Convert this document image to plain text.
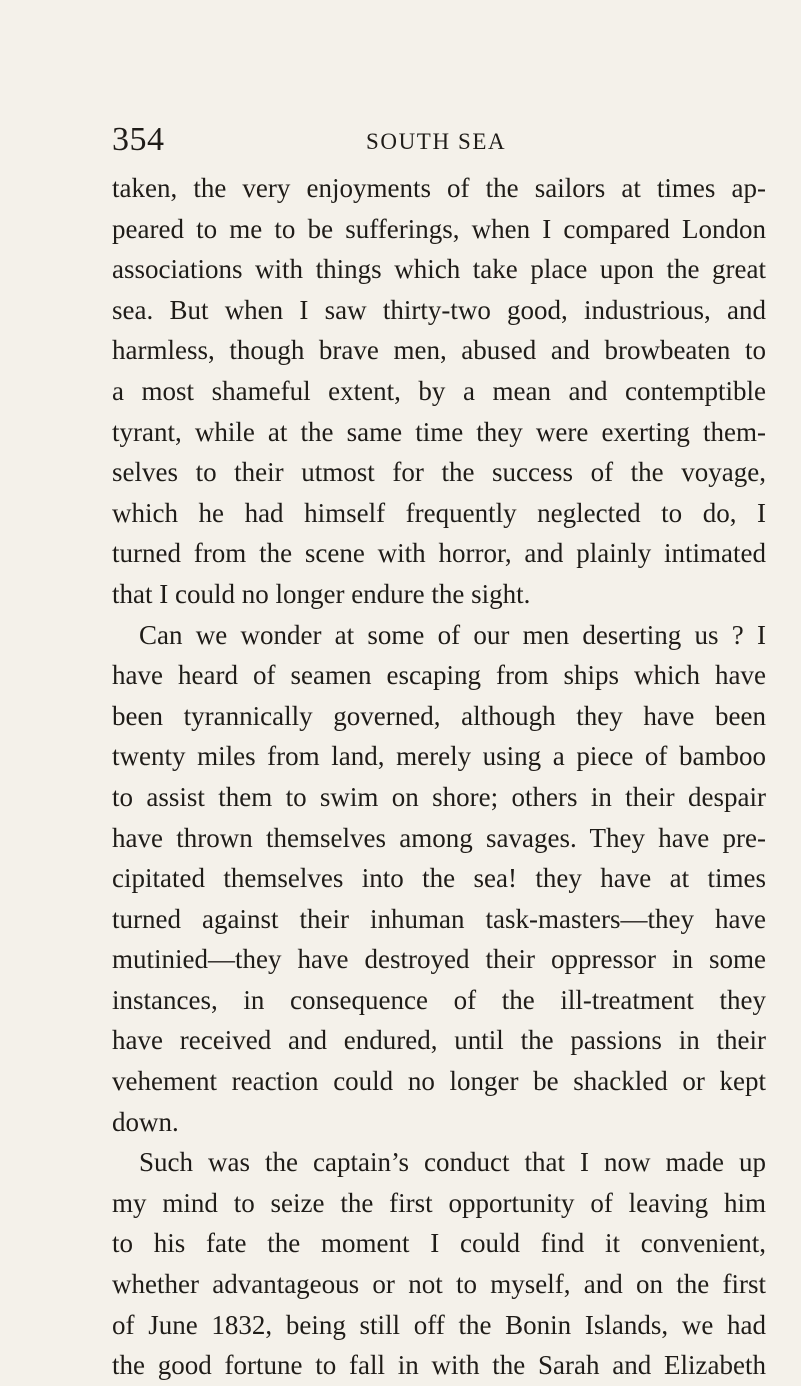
354	SOUTH SEA
taken, the very enjoyments of the sailors at times ap-
peared to me to be sufferings, when I compared London
associations with things which take place upon the great
sea. But when I saw thirty-two good, industrious, and
harmless, though brave men, abused and browbeaten to
a most shameful extent, by a mean and contemptible
tyrant, while at the same time they were exerting them-
selves to their utmost for the success of the voyage,
which he had himself frequently neglected to do, I
turned from the scene with horror, and plainly intimated
that I could no longer endure the sight.
Can we wonder at some of our men deserting us ? I
have heard of seamen escaping from ships which have
been tyrannically governed, although they have been
twenty miles from land, merely using a piece of bamboo
to assist them to swim on shore; others in their despair
have thrown themselves among savages. They have pre-
cipitated themselves into the sea! they have at times
turned against their inhuman task-masters—they have
mutinied—they have destroyed their oppressor in some
instances, in consequence of the ill-treatment they
have received and endured, until the passions in their
vehement reaction could no longer be shackled or kept
down.
Such was the captain’s conduct that I now made up
my mind to seize the first opportunity of leaving him
to his fate the moment I could find it convenient,
whether advantageous or not to myself, and on the first
of June 1832, being still off the Bonin Islands, we had
the good fortune to fall in with the Sarah and Elizabeth
